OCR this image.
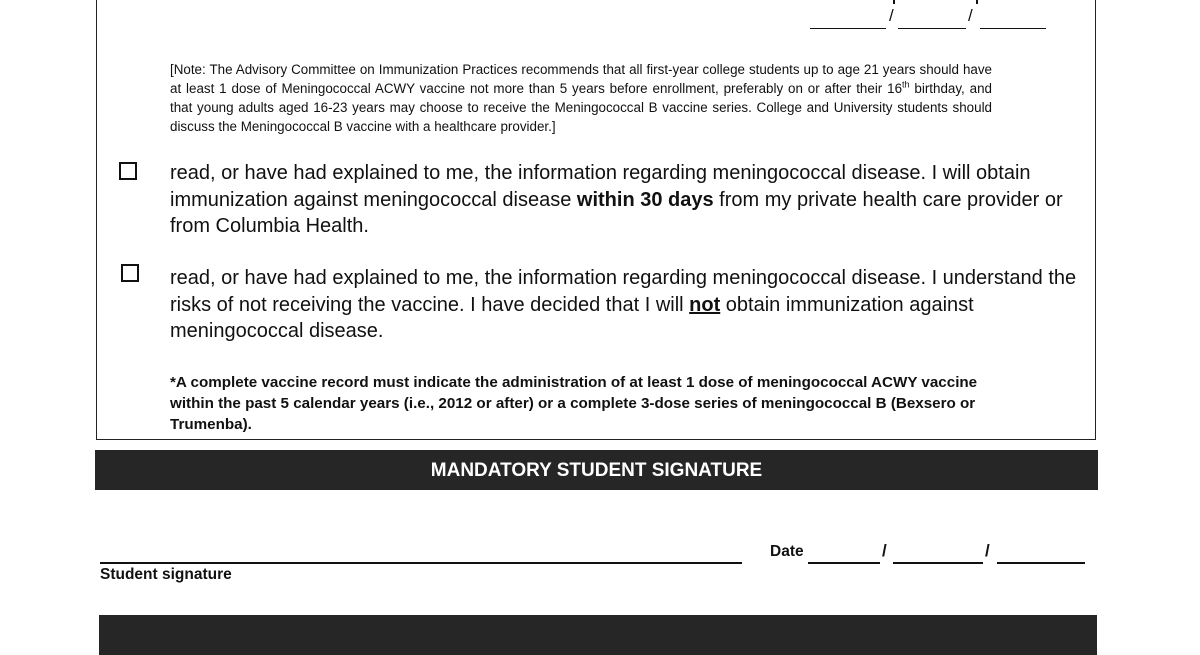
/	/
[Note: The Advisory Committee on Immunization Practices recommends that all first-year college students up to age 21 years should have at least 1 dose of Meningococcal ACWY vaccine not more than 5 years before enrollment, preferably on or after their 16th birthday, and that young adults aged 16-23 years may choose to receive the Meningococcal B vaccine series. College and University students should discuss the Meningococcal B vaccine with a healthcare provider.]
read, or have had explained to me, the information regarding meningococcal disease. I will obtain immunization against meningococcal disease within 30 days from my private health care provider or from Columbia Health.
read, or have had explained to me, the information regarding meningococcal disease. I understand the risks of not receiving the vaccine. I have decided that I will not obtain immunization against meningococcal disease.
*A complete vaccine record must indicate the administration of at least 1 dose of meningococcal ACWY vaccine within the past 5 calendar years (i.e., 2012 or after) or a complete 3-dose series of meningococcal B (Bexsero or Trumenba).
MANDATORY STUDENT SIGNATURE
Student signature
Date	/	/
